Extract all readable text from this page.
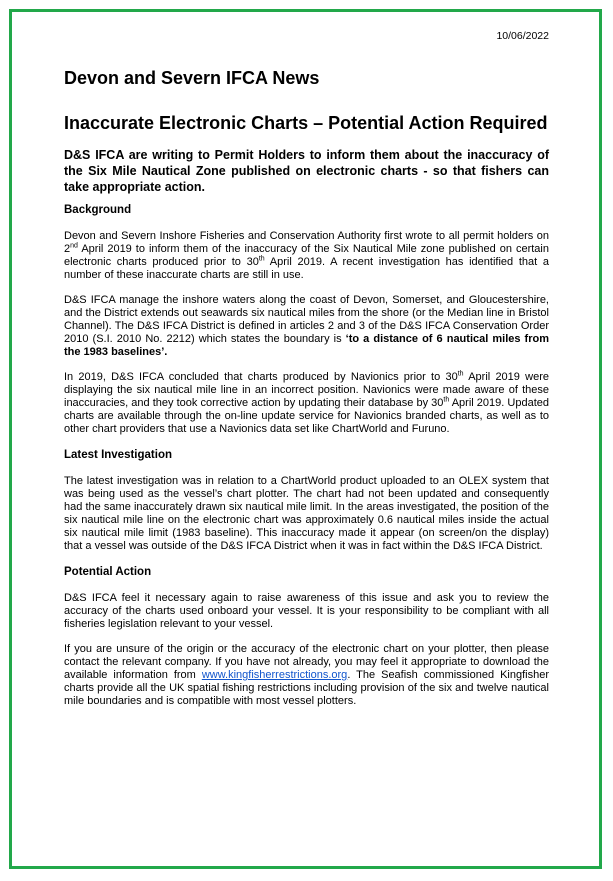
10/06/2022
Devon and Severn IFCA News
Inaccurate Electronic Charts – Potential Action Required

D&S IFCA are writing to Permit Holders to inform them about the inaccuracy of the Six Mile Nautical Zone published on electronic charts - so that fishers can take appropriate action.

Background

Devon and Severn Inshore Fisheries and Conservation Authority first wrote to all permit holders on 2nd April 2019 to inform them of the inaccuracy of the Six Nautical Mile zone published on certain electronic charts produced prior to 30th April 2019. A recent investigation has identified that a number of these inaccurate charts are still in use.

D&S IFCA manage the inshore waters along the coast of Devon, Somerset, and Gloucestershire, and the District extends out seawards six nautical miles from the shore (or the Median line in Bristol Channel). The D&S IFCA District is defined in articles 2 and 3 of the D&S IFCA Conservation Order 2010 (S.I. 2010 No. 2212) which states the boundary is ‘to a distance of 6 nautical miles from the 1983 baselines’.

In 2019, D&S IFCA concluded that charts produced by Navionics prior to 30th April 2019 were displaying the six nautical mile line in an incorrect position. Navionics were made aware of these inaccuracies, and they took corrective action by updating their database by 30th April 2019. Updated charts are available through the on-line update service for Navionics branded charts, as well as to other chart providers that use a Navionics data set like ChartWorld and Furuno.

Latest Investigation

The latest investigation was in relation to a ChartWorld product uploaded to an OLEX system that was being used as the vessel’s chart plotter. The chart had not been updated and consequently had the same inaccurately drawn six nautical mile limit. In the areas investigated, the position of the six nautical mile line on the electronic chart was approximately 0.6 nautical miles inside the actual six nautical mile limit (1983 baseline). This inaccuracy made it appear (on screen/on the display) that a vessel was outside of the D&S IFCA District when it was in fact within the D&S IFCA District.

Potential Action

D&S IFCA feel it necessary again to raise awareness of this issue and ask you to review the accuracy of the charts used onboard your vessel. It is your responsibility to be compliant with all fisheries legislation relevant to your vessel.

If you are unsure of the origin or the accuracy of the electronic chart on your plotter, then please contact the relevant company. If you have not already, you may feel it appropriate to download the available information from www.kingfisherrestrictions.org. The Seafish commissioned Kingfisher charts provide all the UK spatial fishing restrictions including provision of the six and twelve nautical mile boundaries and is compatible with most vessel plotters.
